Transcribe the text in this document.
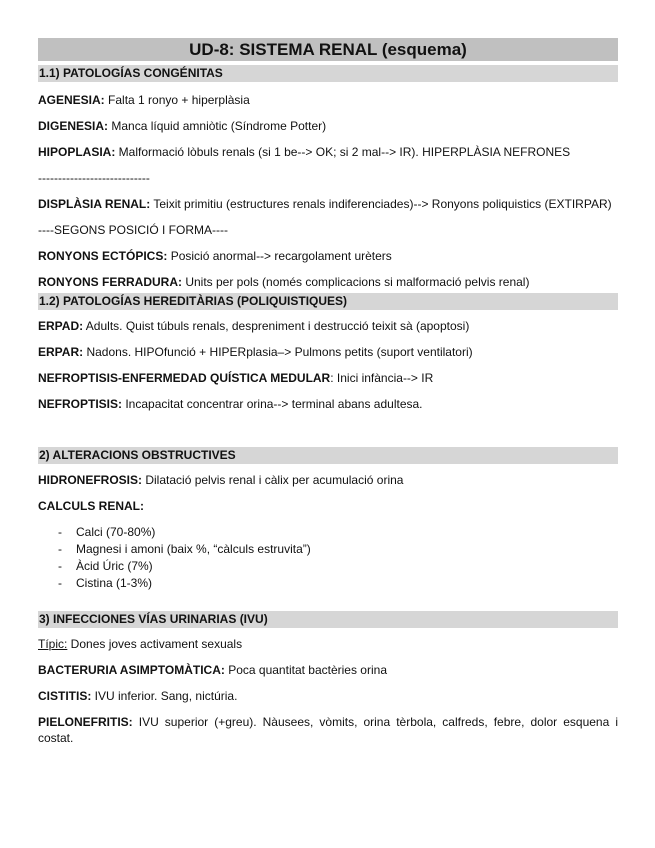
UD-8: SISTEMA RENAL (esquema)
1.1) PATOLOGÍAS CONGÉNITAS

AGENESIA: Falta 1 ronyo + hiperplàsia

DIGENESIA: Manca líquid amniòtic (Síndrome Potter)

HIPOPLASIA: Malformació lòbuls renals (si 1 be--> OK; si 2 mal--> IR). HIPERPLÀSIA NEFRONES

----------------------------

DISPLÀSIA RENAL: Teixit primitiu (estructures renals indiferenciades)--> Ronyons poliquistics (EXTIRPAR)

----SEGONS POSICIÓ I FORMA----

RONYONS ECTÓPICS: Posició anormal--> recargolament urèters

RONYONS FERRADURA: Units per pols (només complicacions si malformació pelvis renal)

1.2) PATOLOGÍAS HEREDITÀRIAS (POLIQUISTIQUES)

ERPAD: Adults. Quist túbuls renals, despreniment i destrucció teixit sà (apoptosi)

ERPAR: Nadons. HIPOfunció + HIPERplasia–> Pulmons petits (suport ventilatori)

NEFROPTISIS-ENFERMEDAD QUÍSTICA MEDULAR: Inici infància--> IR

NEFROPTISIS: Incapacitat concentrar orina--> terminal abans adultesa.

2) ALTERACIONS OBSTRUCTIVES

HIDRONEFROSIS: Dilatació pelvis renal i càlix per acumulació orina

CALCULS RENAL:

- Calci (70-80%)
- Magnesi i amoni (baix %, “càlculs estruvita”)
- Àcid Úric (7%)
- Cistina (1-3%)
3) INFECCIONES VÍAS URINARIAS (IVU)

Típic: Dones joves activament sexuals

BACTERURIA ASIMPTOMÀTICA: Poca quantitat bactèries orina

CISTITIS: IVU inferior. Sang, nictúria.

PIELONEFRITIS: IVU superior (+greu). Nàusees, vòmits, orina tèrbola, calfreds, febre, dolor esquena i costat.
